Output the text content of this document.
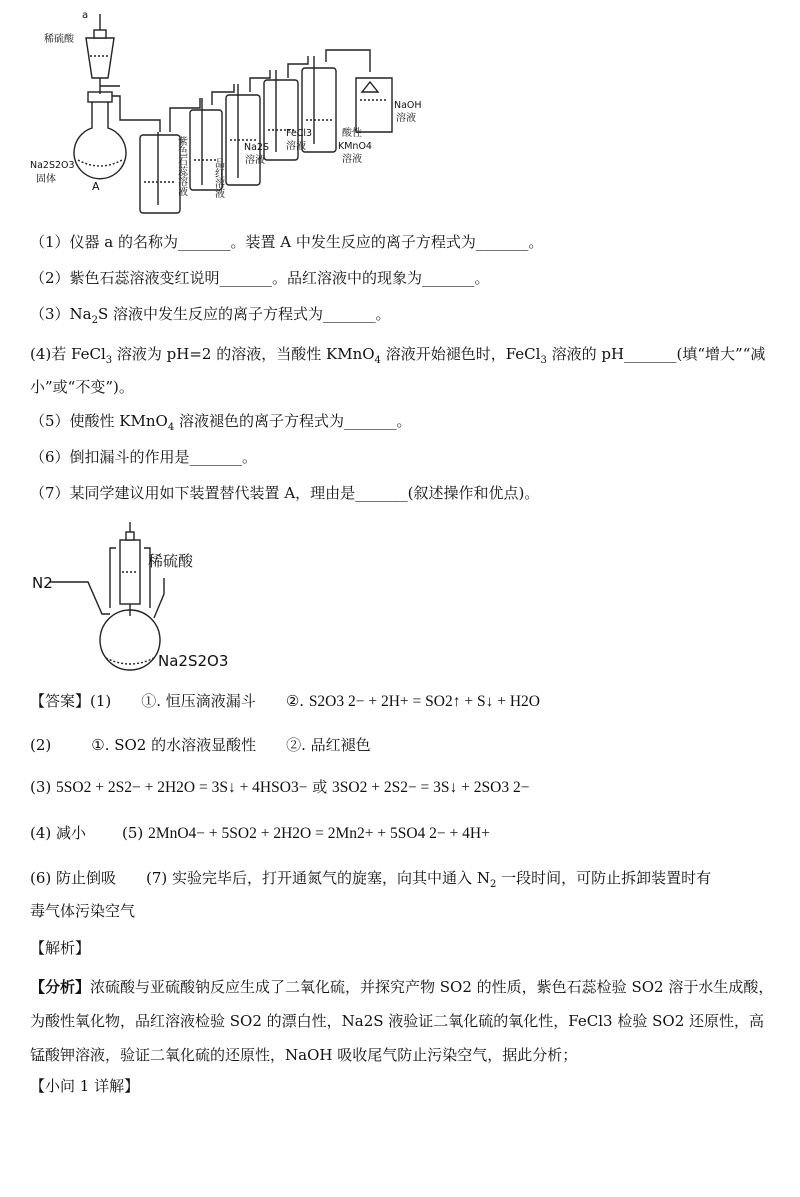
a
稀硫酸
Na2S2O3
固体
A	紫色石蕊溶液	品红溶液
Na2S
溶液
FeCl3
溶液
酸性
KMnO4
溶液
NaOH
溶液
（1）仪器 a 的名称为_______。装置 A 中发生反应的离子方程式为_______。
（2）紫色石蕊溶液变红说明_______。品红溶液中的现象为_______。
$(3)Na_2S$ 溶液中发生反应的离子方程式为_______。
(4)若 FeCl$_3$ 溶液为 pH=2 的溶液，当酸性 KMnO$_4$ 溶液开始褪色时，FeCl$_3$ 溶液的 pH_______(填“增大”“减
小”或“不变”)。
（5）使酸性 KMnO$_4$ 溶液褪色的离子方程式为_______。
（6）倒扣漏斗的作用是_______。
（7）某同学建议用如下装置替代装置 A，理由是_______(叙述操作和优点)。
稀硫酸
N2
Na2S2O3
【答案】(1) ①. 恒压滴液漏斗 ②. S2O3 2− + 2H+ = SO2↑ + S↓ + H2O
(2)	①. SO2 的水溶液显酸性 ②. 品红褪色
(3) 5SO2 + 2S2− + 2H2O = 3S↓ + 4HSO3− 或 3SO2 + 2S2− = 3S↓ + 2SO3 2−
(4) 减小 (5) 2MnO4− + 5SO2 + 2H2O = 2Mn2+ + 5SO4 2− + 4H+
(6) 防止倒吸 (7) 实验完毕后，打开通氮气的旋塞，向其中通入 $N_2$ 一段时间，可防止拆卸装置时有
毒气体污染空气
【解析】
【分析】浓硫酸与亚硫酸钠反应生成了二氧化硫，并探究产物 SO2 的性质，紫色石蕊检验 SO2 溶于水生成酸，为酸性氧化物，品红溶液检验 SO2 的漂白性，Na2S 液验证二氧化硫的氧化性，FeCl3 检验 SO2 还原性，高锰酸钾溶液，验证二氧化硫的还原性，NaOH 吸收尾气防止污染空气，据此分析；
【小问 1 详解】
